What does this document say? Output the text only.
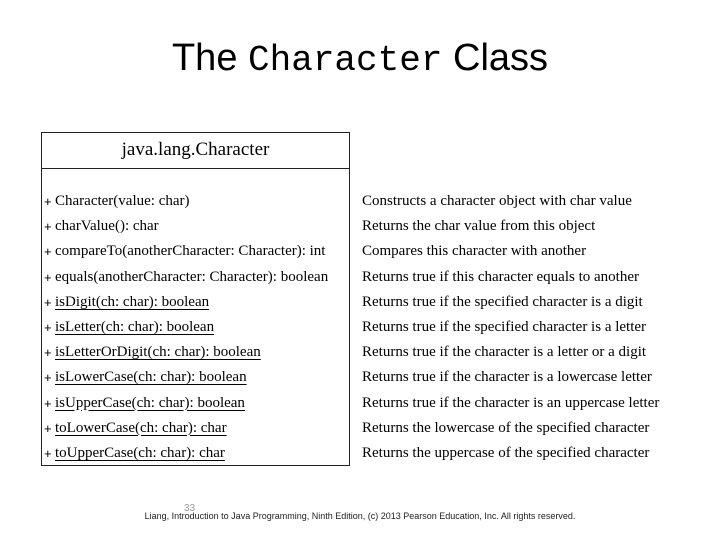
The Character Class
java.lang.Character
+ Character(value: char)
+ charValue(): char
+ compareTo(anotherCharacter: Character): int
+ equals(anotherCharacter: Character): boolean
+ isDigit(ch: char): boolean
+ isLetter(ch: char): boolean
+ isLetterOrDigit(ch: char): boolean
+ isLowerCase(ch: char): boolean
+ isUpperCase(ch: char): boolean
+ toLowerCase(ch: char): char
+ toUpperCase(ch: char): char
Constructs a character object with char value
Returns the char value from this object
Compares this character with another
Returns true if this character equals to another
Returns true if the specified character is a digit
Returns true if the specified character is a letter
Returns true if the character is a letter or a digit
Returns true if the character is a lowercase letter
Returns true if the character is an uppercase letter
Returns the lowercase of the specified character
Returns the uppercase of the specified character
33
Liang, Introduction to Java Programming, Ninth Edition, (c) 2013 Pearson Education, Inc. All rights reserved.
